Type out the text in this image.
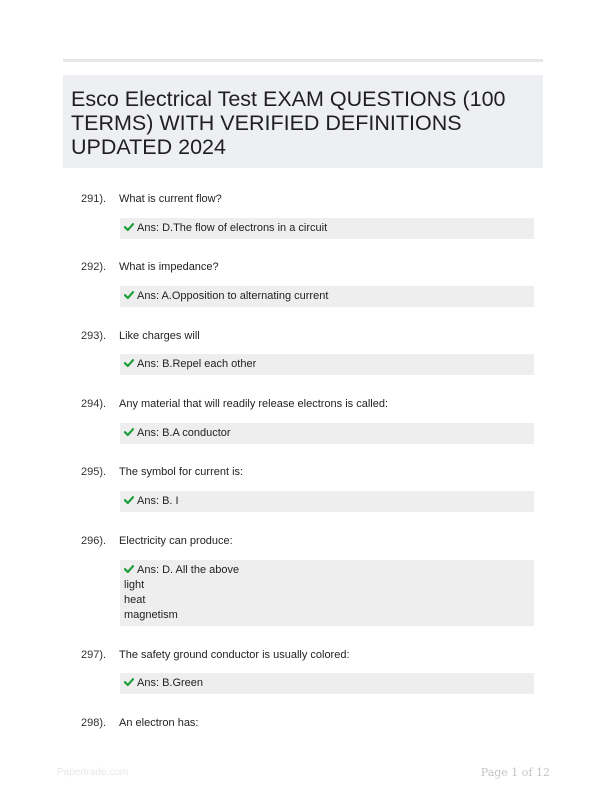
Esco Electrical Test EXAM QUESTIONS (100 TERMS) WITH VERIFIED DEFINITIONS UPDATED 2024
291). What is current flow?
Ans: D.The flow of electrons in a circuit
292). What is impedance?
Ans: A.Opposition to alternating current
293). Like charges will
Ans: B.Repel each other
294). Any material that will readily release electrons is called:
Ans: B.A conductor
295). The symbol for current is:
Ans: B. I
296). Electricity can produce:
Ans: D. All the above
light
heat
magnetism
297). The safety ground conductor is usually colored:
Ans: B.Green
298). An electron has:
Papertrade.com	Page 1 of 12
